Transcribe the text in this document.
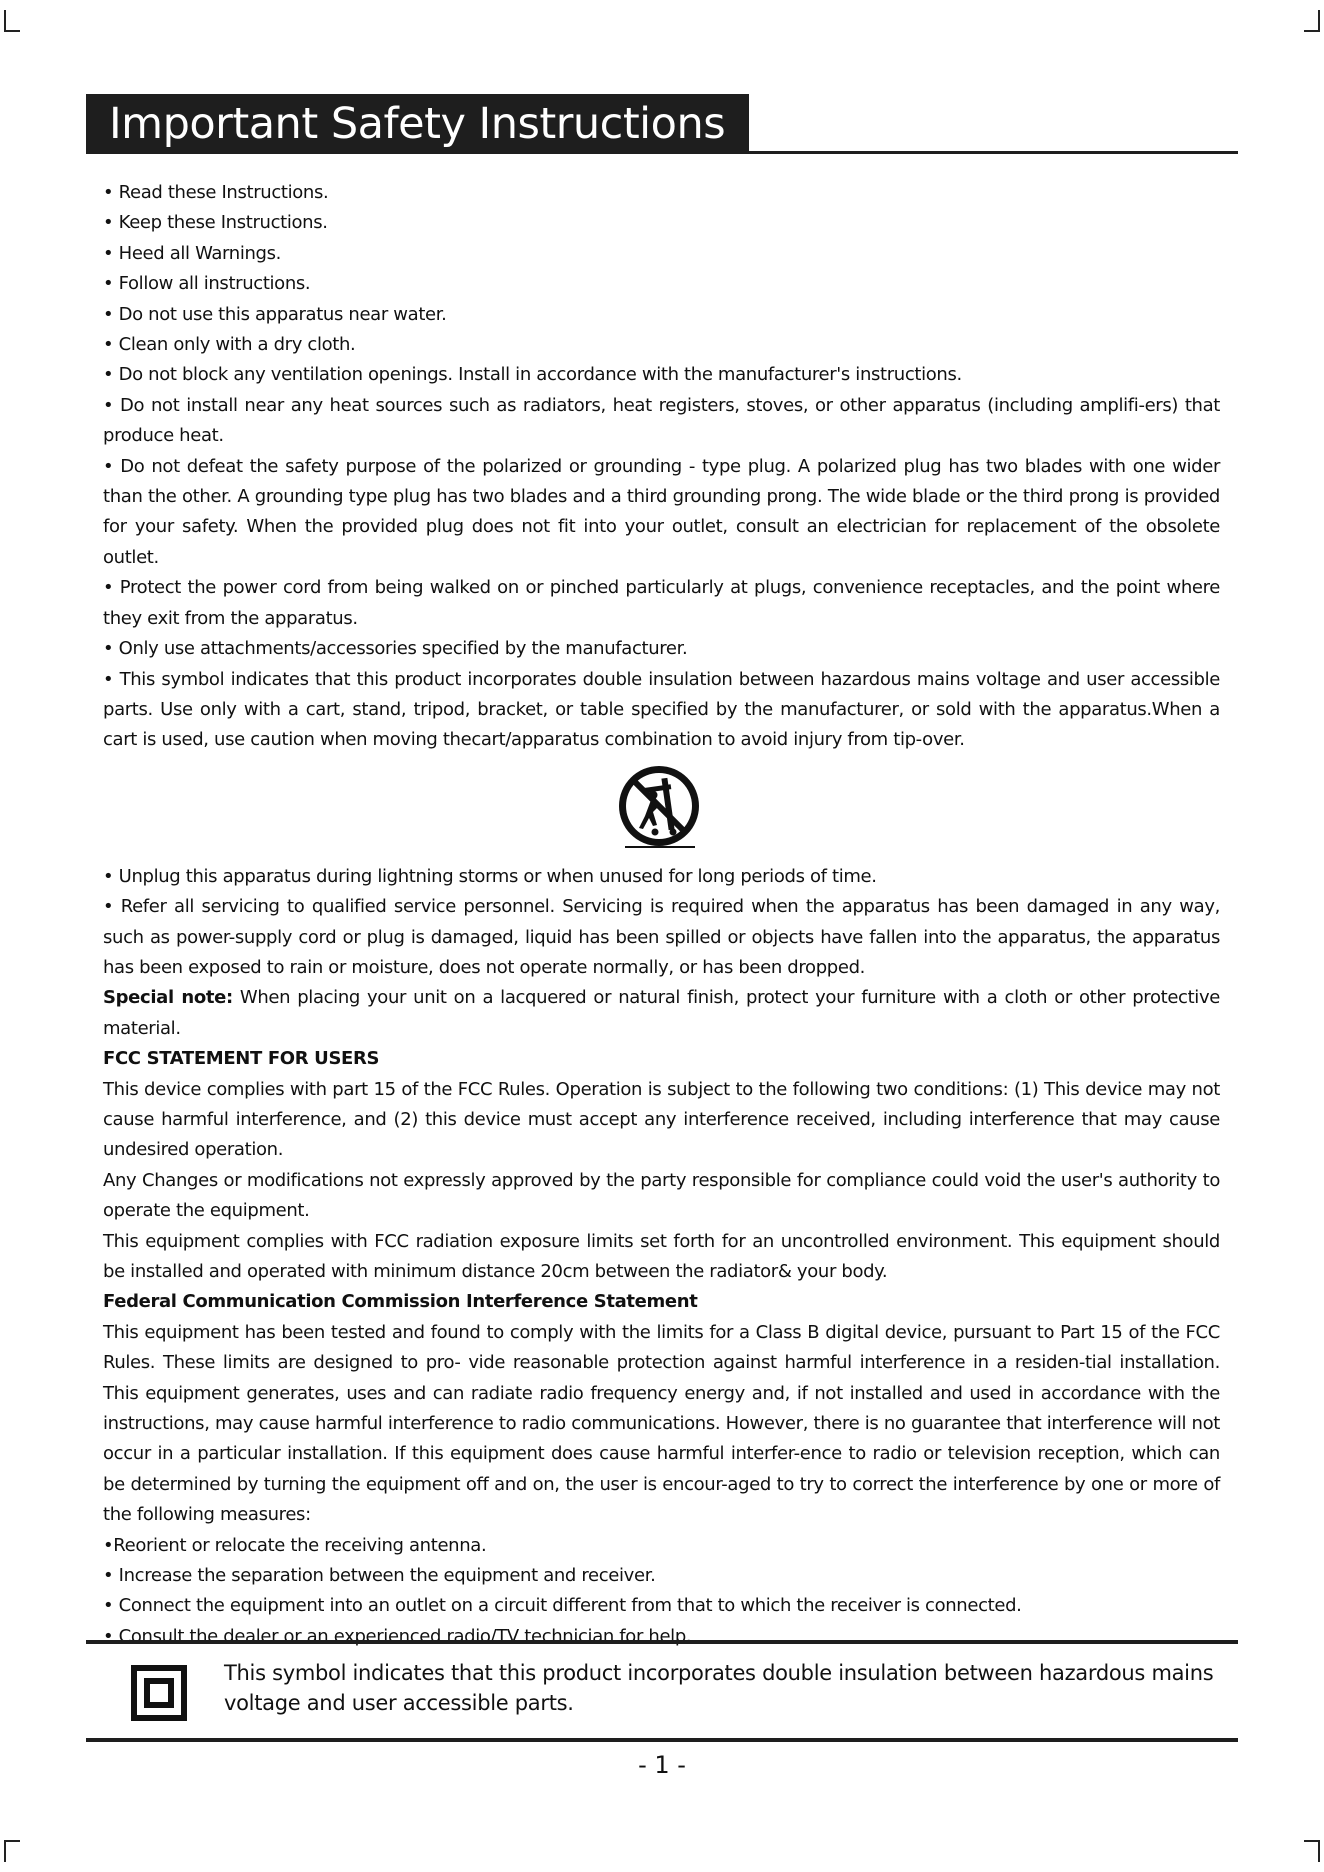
Important Safety Instructions

• Read these Instructions.

• Keep these Instructions.

• Heed all Warnings.

• Follow all instructions.

• Do not use this apparatus near water.

• Clean only with a dry cloth.

• Do not block any ventilation openings. Install in accordance with the manufacturer's instructions.

• Do not install near any heat sources such as radiators, heat registers, stoves, or other apparatus (including amplifi-ers) that produce heat.

• Do not defeat the safety purpose of the polarized or grounding - type plug. A polarized plug has two blades with one wider than the other. A grounding type plug has two blades and a third grounding prong. The wide blade or the third prong is provided for your safety. When the provided plug does not fit into your outlet, consult an electrician for replacement of the obsolete outlet.

• Protect the power cord from being walked on or pinched particularly at plugs, convenience receptacles, and the point where they exit from the apparatus.

• Only use attachments/accessories specified by the manufacturer.

• This symbol indicates that this product incorporates double insulation between hazardous mains voltage and user accessible parts. Use only with a cart, stand, tripod, bracket, or table specified by the manufacturer, or sold with the apparatus.When a cart is used, use caution when moving thecart/apparatus combination to avoid injury from tip-over.

• Unplug this apparatus during lightning storms or when unused for long periods of time.

• Refer all servicing to qualified service personnel. Servicing is required when the apparatus has been damaged in any way, such as power-supply cord or plug is damaged, liquid has been spilled or objects have fallen into the apparatus, the apparatus has been exposed to rain or moisture, does not operate normally, or has been dropped.

Special note: When placing your unit on a lacquered or natural finish, protect your furniture with a cloth or other protective material.

FCC STATEMENT FOR USERS

This device complies with part 15 of the FCC Rules. Operation is subject to the following two conditions: (1) This device may not cause harmful interference, and (2) this device must accept any interference received, including interference that may cause undesired operation.

Any Changes or modifications not expressly approved by the party responsible for compliance could void the user's authority to operate the equipment.

This equipment complies with FCC radiation exposure limits set forth for an uncontrolled environment. This equipment should be installed and operated with minimum distance 20cm between the radiator& your body.

Federal Communication Commission Interference Statement

This equipment has been tested and found to comply with the limits for a Class B digital device, pursuant to Part 15 of the FCC Rules. These limits are designed to pro- vide reasonable protection against harmful interference in a residen-tial installation. This equipment generates, uses and can radiate radio frequency energy and, if not installed and used in accordance with the instructions, may cause harmful interference to radio communications. However, there is no guarantee that interference will not occur in a particular installation. If this equipment does cause harmful interfer-ence to radio or television reception, which can be determined by turning the equipment off and on, the user is encour-aged to try to correct the interference by one or more of the following measures:

•Reorient or relocate the receiving antenna.

• Increase the separation between the equipment and receiver.

• Connect the equipment into an outlet on a circuit different from that to which the receiver is connected.

• Consult the dealer or an experienced radio/TV technician for help.

This symbol indicates that this product incorporates double insulation between hazardous mains voltage and user accessible parts.
- 1 -
